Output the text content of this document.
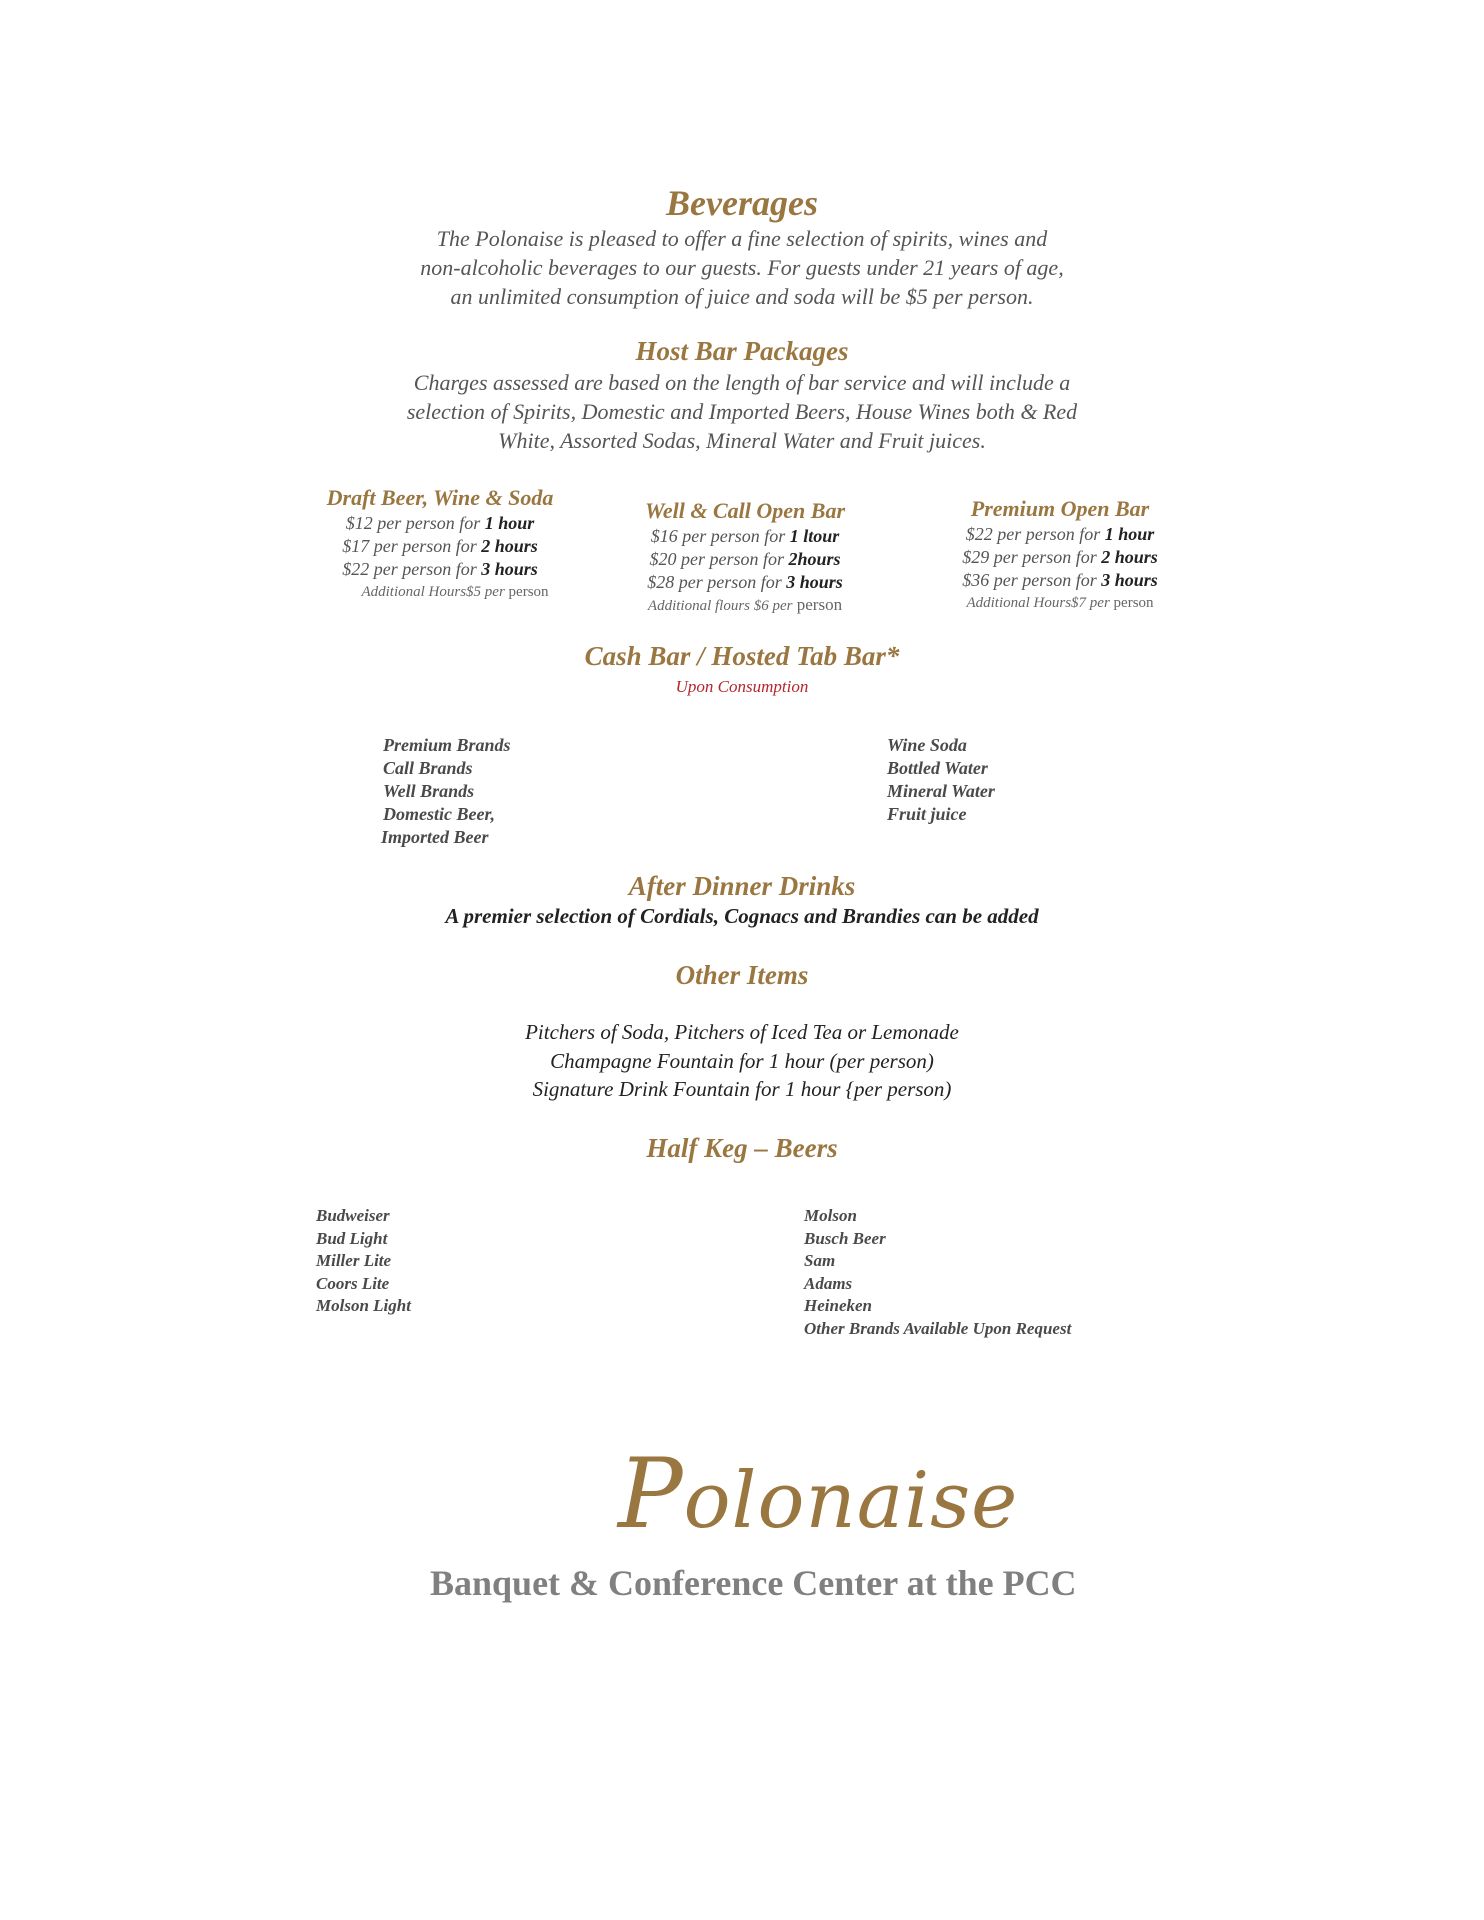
Beverages
The Polonaise is pleased to offer a fine selection of spirits, wines and
non-alcoholic beverages to our guests. For guests under 21 years of age,
an unlimited consumption of juice and soda will be $5 per person.
Host Bar Packages
Charges assessed are based on the length of bar service and will include a
selection of Spirits, Domestic and Imported Beers, House Wines both & Red
White, Assorted Sodas, Mineral Water and Fruit juices.
Draft Beer, Wine & Soda
$12 per person for 1 hour
$17 per person for 2 hours
$22 per person for 3 hours
Additional Hours$5 per person
Well & Call Open Bar
$16 per person for 1 ltour
$20 per person for 2hours
$28 per person for 3 hours
Additional flours $6 per person
Premium Open Bar
$22 per person for 1 hour
$29 per person for 2 hours
$36 per person for 3 hours
Additional Hours$7 per person
Cash Bar / Hosted Tab Bar*
Upon Consumption
Premium Brands
Call Brands
Well Brands
Domestic Beer,
Imported Beer
Wine Soda
Bottled Water
Mineral Water
Fruit juice
After Dinner Drinks
A premier selection of Cordials, Cognacs and Brandies can be added
Other Items
Pitchers of Soda, Pitchers of Iced Tea or Lemonade
Champagne Fountain for 1 hour (per person)
Signature Drink Fountain for 1 hour {per person)
Half Keg – Beers
Budweiser
Bud Light
Miller Lite
Coors Lite
Molson Light
Molson
Busch Beer
Sam
Adams
Heineken
Other Brands Available Upon Request
Polonaise
Banquet & Conference Center at the PCC
